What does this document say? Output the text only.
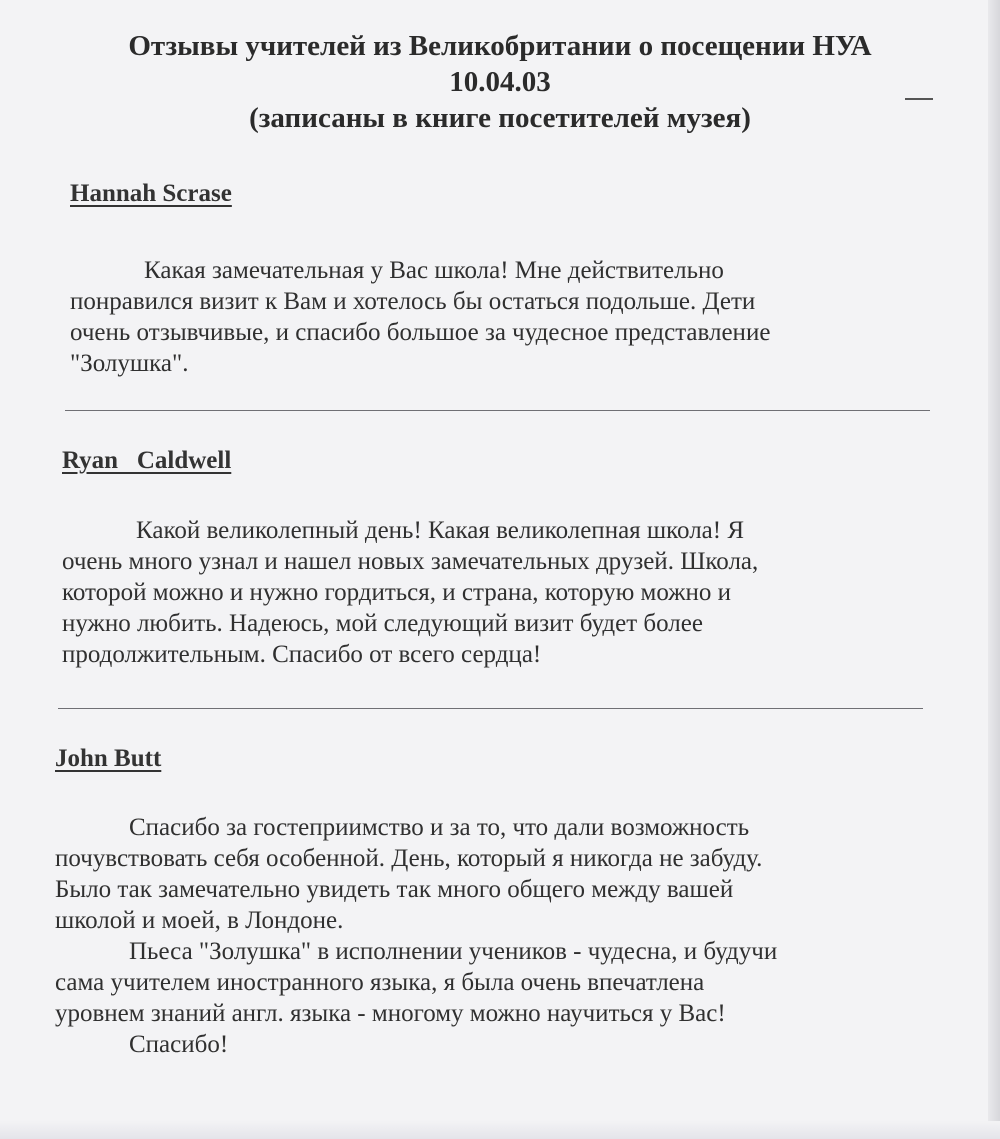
Отзывы учителей из Великобритании о посещении НУА
10.04.03
(записаны в книге посетителей музея)
Hannah Scrase
Какая замечательная у Вас школа! Мне действительно
понравился визит к Вам и хотелось бы остаться подольше. Дети
очень отзывчивые, и спасибо большое за чудесное представление
"Золушка".
Ryan   Caldwell
Какой великолепный день! Какая великолепная школа! Я
очень много узнал и нашел новых замечательных друзей. Школа,
которой можно и нужно гордиться, и страна, которую можно и
нужно любить. Надеюсь, мой следующий визит будет более
продолжительным. Спасибо от всего сердца!
John Butt
Спасибо за гостеприимство и за то, что дали возможность
почувствовать себя особенной. День, который я никогда не забуду.
Было так замечательно увидеть так много общего между вашей
школой и моей, в Лондоне.
Пьеса "Золушка" в исполнении учеников - чудесна, и будучи
сама учителем иностранного языка, я была очень впечатлена
уровнем знаний англ. языка - многому можно научиться у Вас!
Спасибо!
